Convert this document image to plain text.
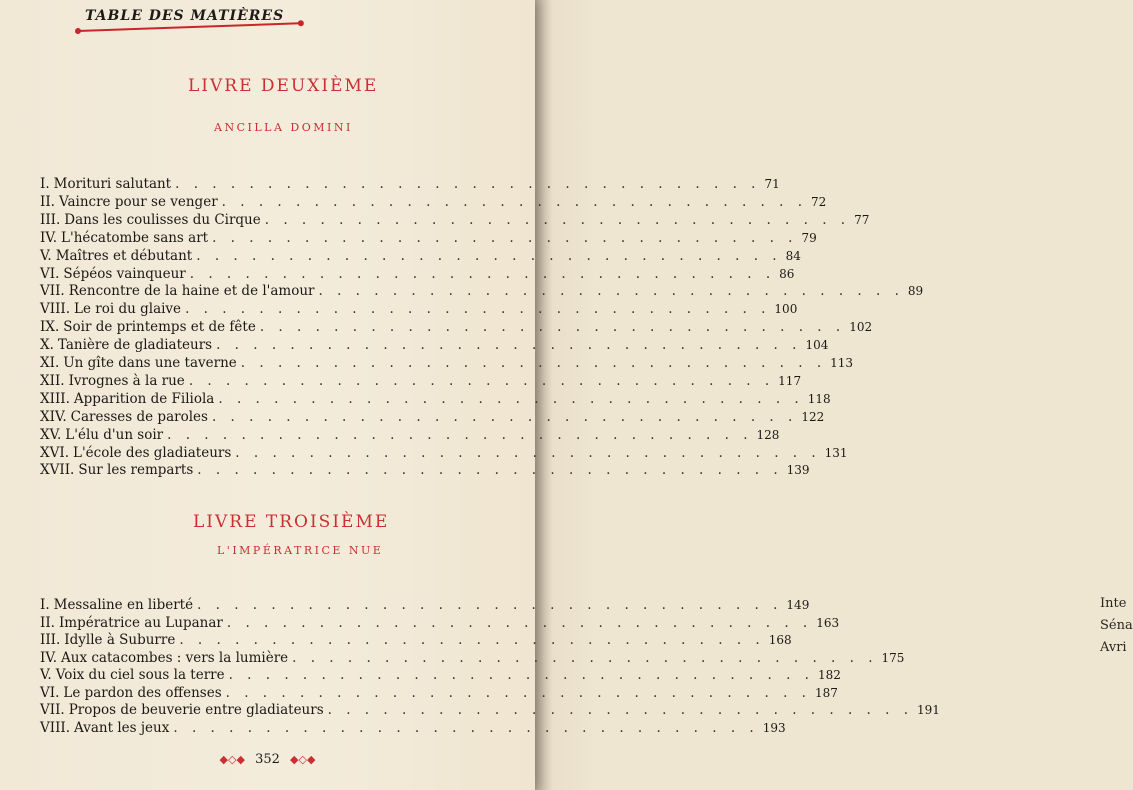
Inte
Séna
Avri
TABLE DES MATIÈRES
LIVRE DEUXIÈME
ANCILLA DOMINI
I. Morituri salutant . . . . . . . . . . . . . . . . . . . . . . . . . . . . . . . . 71
II. Vaincre pour se venger . . . . . . . . . . . . . . . . . . . . . . . . . . . . . . . . 72
III. Dans les coulisses du Cirque . . . . . . . . . . . . . . . . . . . . . . . . . . . . . . . . 77
IV. L'hécatombe sans art . . . . . . . . . . . . . . . . . . . . . . . . . . . . . . . . 79
V. Maîtres et débutant . . . . . . . . . . . . . . . . . . . . . . . . . . . . . . . . 84
VI. Sépéos vainqueur . . . . . . . . . . . . . . . . . . . . . . . . . . . . . . . . 86
VII. Rencontre de la haine et de l'amour . . . . . . . . . . . . . . . . . . . . . . . . . . . . . . . . 89
VIII. Le roi du glaive . . . . . . . . . . . . . . . . . . . . . . . . . . . . . . . . 100
IX. Soir de printemps et de fête . . . . . . . . . . . . . . . . . . . . . . . . . . . . . . . . 102
X. Tanière de gladiateurs . . . . . . . . . . . . . . . . . . . . . . . . . . . . . . . . 104
XI. Un gîte dans une taverne . . . . . . . . . . . . . . . . . . . . . . . . . . . . . . . . 113
XII. Ivrognes à la rue . . . . . . . . . . . . . . . . . . . . . . . . . . . . . . . . 117
XIII. Apparition de Filiola . . . . . . . . . . . . . . . . . . . . . . . . . . . . . . . . 118
XIV. Caresses de paroles . . . . . . . . . . . . . . . . . . . . . . . . . . . . . . . . 122
XV. L'élu d'un soir . . . . . . . . . . . . . . . . . . . . . . . . . . . . . . . . 128
XVI. L'école des gladiateurs . . . . . . . . . . . . . . . . . . . . . . . . . . . . . . . . 131
XVII. Sur les remparts . . . . . . . . . . . . . . . . . . . . . . . . . . . . . . . . 139
LIVRE TROISIÈME
L'IMPÉRATRICE NUE
I. Messaline en liberté . . . . . . . . . . . . . . . . . . . . . . . . . . . . . . . . 149
II. Impératrice au Lupanar . . . . . . . . . . . . . . . . . . . . . . . . . . . . . . . . 163
III. Idylle à Suburre . . . . . . . . . . . . . . . . . . . . . . . . . . . . . . . . 168
IV. Aux catacombes : vers la lumière . . . . . . . . . . . . . . . . . . . . . . . . . . . . . . . . 175
V. Voix du ciel sous la terre . . . . . . . . . . . . . . . . . . . . . . . . . . . . . . . . 182
VI. Le pardon des offenses . . . . . . . . . . . . . . . . . . . . . . . . . . . . . . . . 187
VII. Propos de beuverie entre gladiateurs . . . . . . . . . . . . . . . . . . . . . . . . . . . . . . . . 191
VIII. Avant les jeux . . . . . . . . . . . . . . . . . . . . . . . . . . . . . . . . 193
◆◇◆ 352 ◆◇◆
